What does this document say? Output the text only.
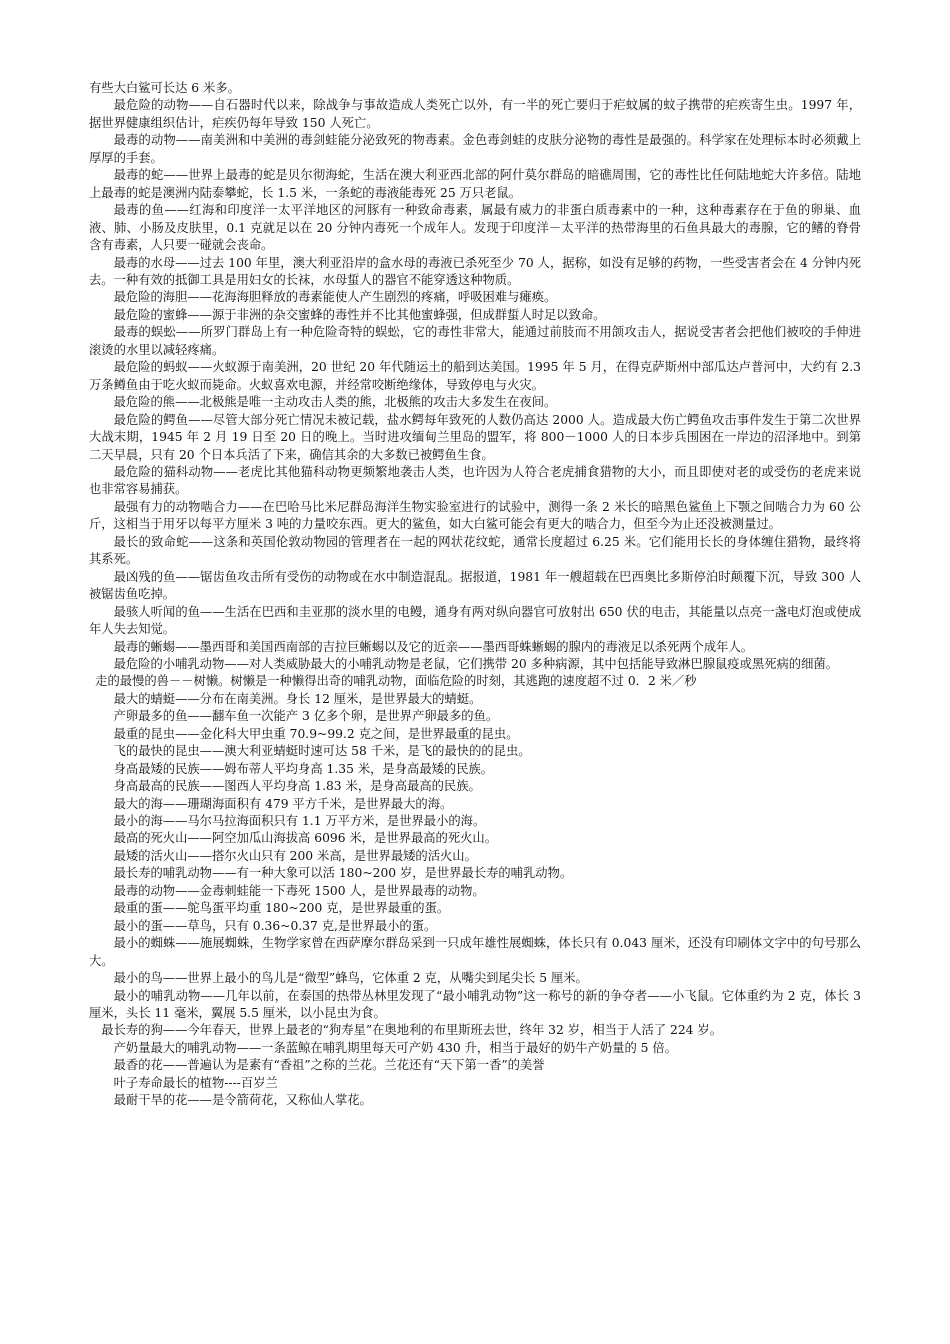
有些大白鲨可长达 6 米多。

最危险的动物——自石器时代以来，除战争与事故造成人类死亡以外，有一半的死亡要归于疟蚊属的蚊子携带的疟疾寄生虫。1997 年，据世界健康组织估计，疟疾仍每年导致 150 人死亡。

最毒的动物——南美洲和中美洲的毒剑蛙能分泌致死的物毒素。金色毒剑蛙的皮肤分泌物的毒性是最强的。科学家在处理标本时必须戴上厚厚的手套。

最毒的蛇——世界上最毒的蛇是贝尔彻海蛇，生活在澳大利亚西北部的阿什莫尔群岛的暗礁周围，它的毒性比任何陆地蛇大许多倍。陆地上最毒的蛇是澳洲内陆泰攀蛇，长 1.5 米，一条蛇的毒液能毒死 25 万只老鼠。

最毒的鱼——红海和印度洋一太平洋地区的河豚有一种致命毒素，属最有威力的非蛋白质毒素中的一种，这种毒素存在于鱼的卵巢、血液、肺、小肠及皮肤里，0.1 克就足以在 20 分钟内毒死一个成年人。发现于印度洋－太平洋的热带海里的石鱼具最大的毒腺，它的鳍的脊骨含有毒素，人只要一碰就会丧命。

最毒的水母——过去 100 年里，澳大利亚沿岸的盒水母的毒液已杀死至少 70 人，据称，如没有足够的药物，一些受害者会在 4 分钟内死去。一种有效的抵御工具是用妇女的长袜，水母蜇人的器官不能穿透这种物质。

最危险的海胆——花海海胆释放的毒素能使人产生剧烈的疼痛，呼吸困难与瘫痪。

最危险的蜜蜂——源于非洲的杂交蜜蜂的毒性并不比其他蜜蜂强，但成群蜇人时足以致命。

最毒的蜈蚣——所罗门群岛上有一种危险奇特的蜈蚣，它的毒性非常大，能通过前肢而不用颌攻击人，据说受害者会把他们被咬的手伸进滚烫的水里以减轻疼痛。

最危险的蚂蚁——火蚁源于南美洲，20 世纪 20 年代随运土的船到达美国。1995 年 5 月，在得克萨斯州中部瓜达卢普河中，大约有 2.3 万条鳟鱼由于吃火蚁而毙命。火蚁喜欢电源，并经常咬断绝缘体，导致停电与火灾。

最危险的熊——北极熊是唯一主动攻击人类的熊，北极熊的攻击大多发生在夜间。

最危险的鳄鱼——尽管大部分死亡情况未被记载，盐水鳄每年致死的人数仍高达 2000 人。造成最大伤亡鳄鱼攻击事件发生于第二次世界大战末期，1945 年 2 月 19 日至 20 日的晚上。当时进攻缅甸兰里岛的盟军，将 800－1000 人的日本步兵围困在一岸边的沼泽地中。到第二天早晨，只有 20 个日本兵活了下来，确信其余的大多数已被鳄鱼生食。

最危险的猫科动物——老虎比其他猫科动物更频繁地袭击人类，也许因为人符合老虎捕食猎物的大小，而且即使对老的或受伤的老虎来说也非常容易捕获。

最强有力的动物啮合力——在巴哈马比米尼群岛海洋生物实验室进行的试验中，测得一条 2 米长的暗黑色鲨鱼上下颚之间啮合力为 60 公斤，这相当于用牙以每平方厘米 3 吨的力量咬东西。更大的鲨鱼，如大白鲨可能会有更大的啮合力，但至今为止还没被测量过。

最长的致命蛇——这条和英国伦敦动物园的管理者在一起的网状花纹蛇，通常长度超过 6.25 米。它们能用长长的身体缠住猎物，最终将其系死。

最凶残的鱼——锯齿鱼攻击所有受伤的动物或在水中制造混乱。据报道，1981 年一艘超载在巴西奥比多斯停泊时颠覆下沉，导致 300 人被锯齿鱼吃掉。

最骇人听闻的鱼——生活在巴西和圭亚那的淡水里的电鳗，通身有两对纵向器官可放射出 650 伏的电击，其能量以点亮一盏电灯泡或使成年人失去知觉。

最毒的蜥蜴——墨西哥和美国西南部的吉拉巨蜥蜴以及它的近亲——墨西哥蛛蜥蜴的腺内的毒液足以杀死两个成年人。

最危险的小哺乳动物——对人类威胁最大的小哺乳动物是老鼠，它们携带 20 多种病源，其中包括能导致淋巴腺鼠疫或黑死病的细菌。

走的最慢的兽－－树懒。树懒是一种懒得出奇的哺乳动物，面临危险的时刻，其逃跑的速度超不过 0．2 米／秒

最大的蜻蜓——分布在南美洲。身长 12 厘米，是世界最大的蜻蜓。

产卵最多的鱼——翻车鱼一次能产 3 亿多个卵，是世界产卵最多的鱼。

最重的昆虫——金化科大甲虫重 70.9~99.2 克之间，是世界最重的昆虫。

飞的最快的昆虫——澳大利亚蜻蜓时速可达 58 千米，是飞的最快的的昆虫。

身高最矮的民族——姆布蒂人平均身高 1.35 米，是身高最矮的民族。

身高最高的民族——图西人平均身高 1.83 米，是身高最高的民族。

最大的海——珊瑚海面积有 479 平方千米，是世界最大的海。

最小的海——马尔马拉海面积只有 1.1 万平方米，是世界最小的海。

最高的死火山——阿空加瓜山海拔高 6096 米，是世界最高的死火山。

最矮的活火山——搭尔火山只有 200 米高，是世界最矮的活火山。

最长寿的哺乳动物——有一种大象可以活 180~200 岁，是世界最长寿的哺乳动物。

最毒的动物——金毒刺蛙能一下毒死 1500 人，是世界最毒的动物。

最重的蛋——鸵鸟蛋平均重 180~200 克，是世界最重的蛋。

最小的蛋——草鸟，只有 0.36~0.37 克,是世界最小的蛋。

最小的蜘蛛——施展蜘蛛，生物学家曾在西萨摩尔群岛采到一只成年雄性展蜘蛛，体长只有 0.043 厘米，还没有印刷体文字中的句号那么大。

最小的鸟——世界上最小的鸟儿是“微型”蜂鸟，它体重 2 克，从嘴尖到尾尖长 5 厘米。

最小的哺乳动物——几年以前，在泰国的热带丛林里发现了“最小哺乳动物”这一称号的新的争夺者——小飞鼠。它体重约为 2 克，体长 3 厘米，头长 11 毫米，翼展 5.5 厘米，以小昆虫为食。

最长寿的狗——今年春天，世界上最老的“狗寿星”在奥地利的布里斯班去世，终年 32 岁，相当于人活了 224 岁。

产奶量最大的哺乳动物——一条蓝鲸在哺乳期里每天可产奶 430 升，相当于最好的奶牛产奶量的 5 倍。

最香的花——普遍认为是素有“香祖”之称的兰花。兰花还有“天下第一香”的美誉

叶子寿命最长的植物----百岁兰

最耐干旱的花——是令箭荷花，又称仙人掌花。
